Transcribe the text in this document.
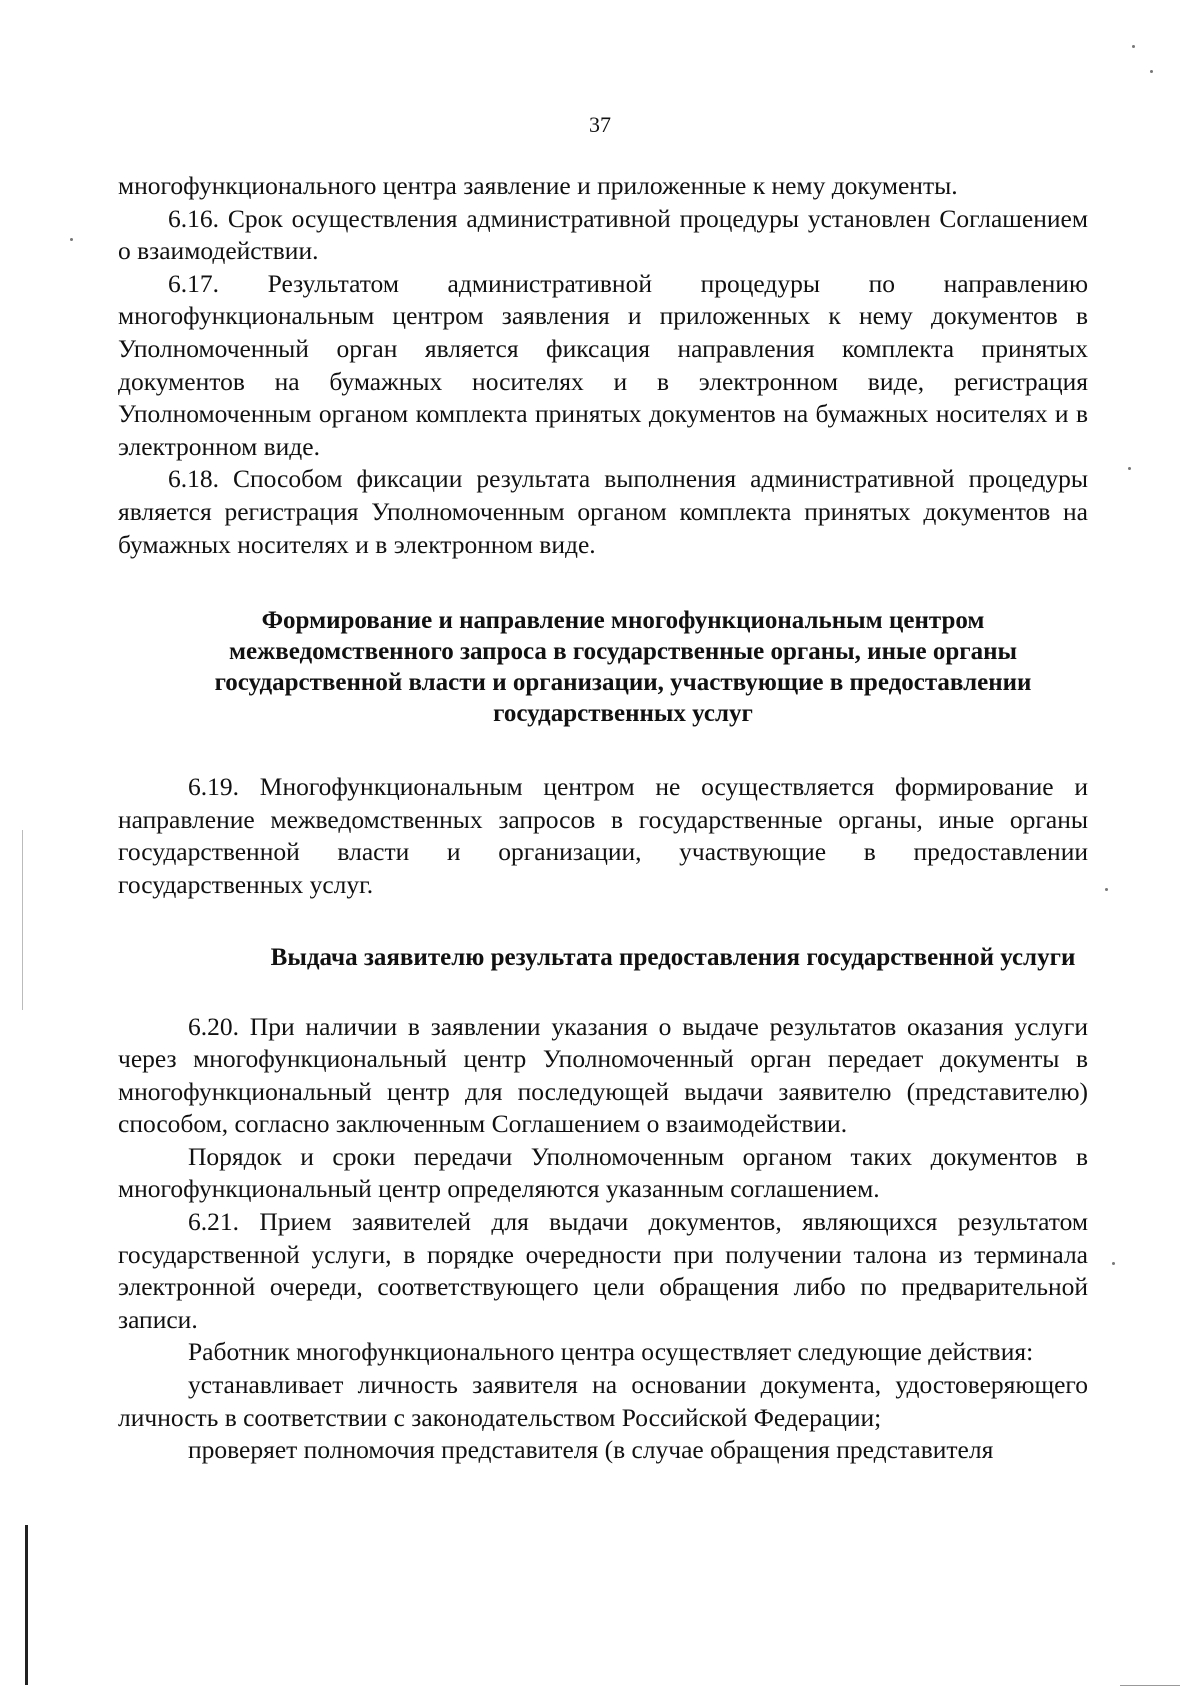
37

многофункционального центра заявление и приложенные к нему документы.

6.16. Срок осуществления административной процедуры установлен Соглашением о взаимодействии.

6.17. Результатом административной процедуры по направлению многофункциональным центром заявления и приложенных к нему документов в Уполномоченный орган является фиксация направления комплекта принятых документов на бумажных носителях и в электронном виде, регистрация Уполномоченным органом комплекта принятых документов на бумажных носителях и в электронном виде.

6.18. Способом фиксации результата выполнения административной процедуры является регистрация Уполномоченным органом комплекта принятых документов на бумажных носителях и в электронном виде.

Формирование и направление многофункциональным центром межведомственного запроса в государственные органы, иные органы государственной власти и организации, участвующие в предоставлении государственных услуг

6.19. Многофункциональным центром не осуществляется формирование и направление межведомственных запросов в государственные органы, иные органы государственной власти и организации, участвующие в предоставлении государственных услуг.

Выдача заявителю результата предоставления государственной услуги

6.20. При наличии в заявлении указания о выдаче результатов оказания услуги через многофункциональный центр Уполномоченный орган передает документы в многофункциональный центр для последующей выдачи заявителю (представителю) способом, согласно заключенным Соглашением о взаимодействии.

Порядок и сроки передачи Уполномоченным органом таких документов в многофункциональный центр определяются указанным соглашением.

6.21. Прием заявителей для выдачи документов, являющихся результатом государственной услуги, в порядке очередности при получении талона из терминала электронной очереди, соответствующего цели обращения либо по предварительной записи.

Работник многофункционального центра осуществляет следующие действия:

устанавливает личность заявителя на основании документа, удостоверяющего личность в соответствии с законодательством Российской Федерации;

проверяет полномочия представителя (в случае обращения представителя
